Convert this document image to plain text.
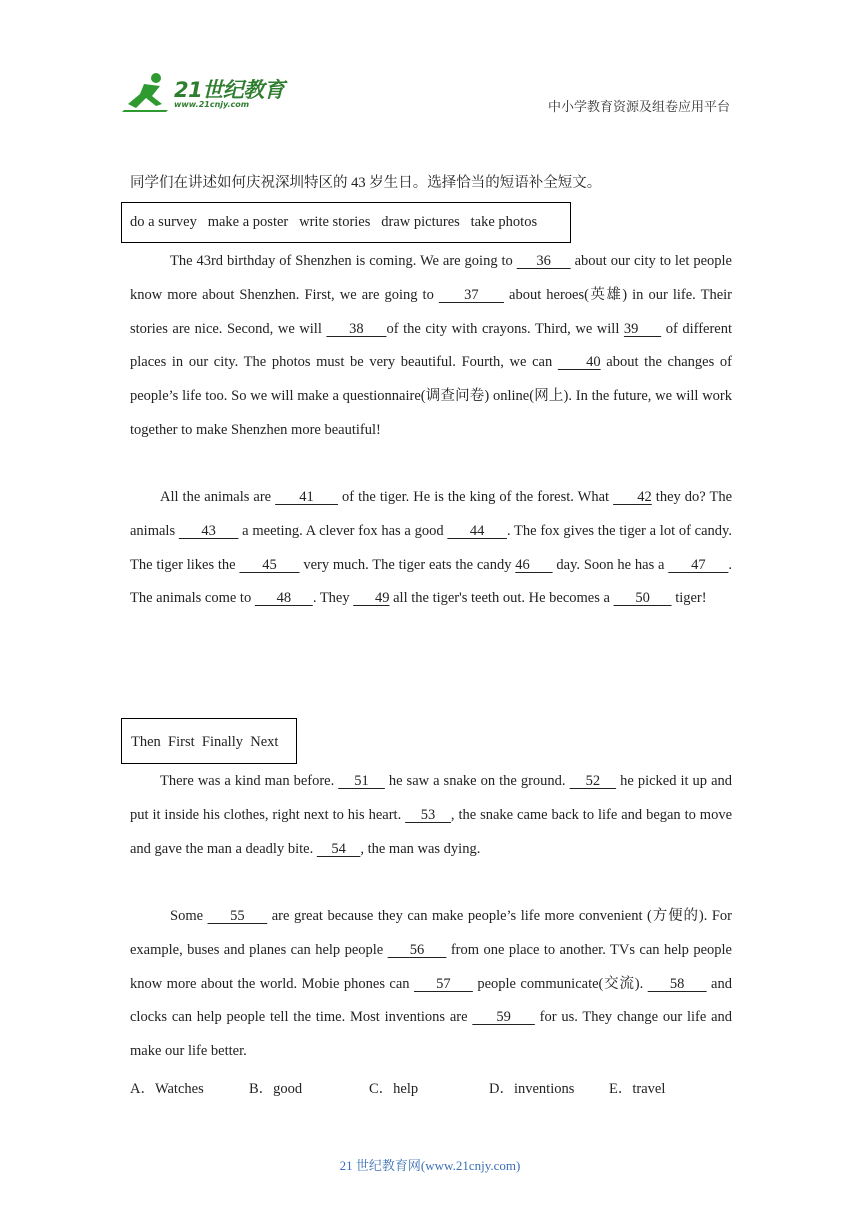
21世纪教育
www.21cnjy.com	中小学教育资源及组卷应用平台

同学们在讲述如何庆祝深圳特区的 43 岁生日。选择恰当的短语补全短文。

do a survey   make a poster   write stories   draw pictures   take photos

The 43rd birthday of Shenzhen is coming. We are going to      36      about our city to let people know more about Shenzhen. First, we are going to      37      about heroes(英雄) in our life. Their stories are nice. Second, we will      38     of the city with crayons. Third, we will 39      of different places in our city. The photos must be very beautiful. Fourth, we can      40 about the changes of people’s life too. So we will make a questionnaire(调查问卷) online(网上). In the future, we will work together to make Shenzhen more beautiful!

All the animals are       41       of the tiger. He is the king of the forest. What       42 they do? The animals       43       a meeting. A clever fox has a good       44      . The fox gives the tiger a lot of candy. The tiger likes the       45       very much. The tiger eats the candy 46       day. Soon he has a       47      . The animals come to       48      . They       49 all the tiger's teeth out. He becomes a       50       tiger!

Then  First  Finally  Next

There was a kind man before.     51     he saw a snake on the ground.     52     he picked it up and put it inside his clothes, right next to his heart.     53    , the snake came back to life and began to move and gave the man a deadly bite.     54    , the man was dying.

Some      55      are great because they can make people’s life more convenient (方便的). For example, buses and planes can help people      56      from one place to another. TVs can help people know more about the world. Mobie phones can      57      people communicate(交流).      58      and clocks can help people tell the time. Most inventions are      59      for us. They change our life and make our life better.

A．Watches	B．good	C．help	D．inventions E．travel
21 世纪教育网(www.21cnjy.com)
